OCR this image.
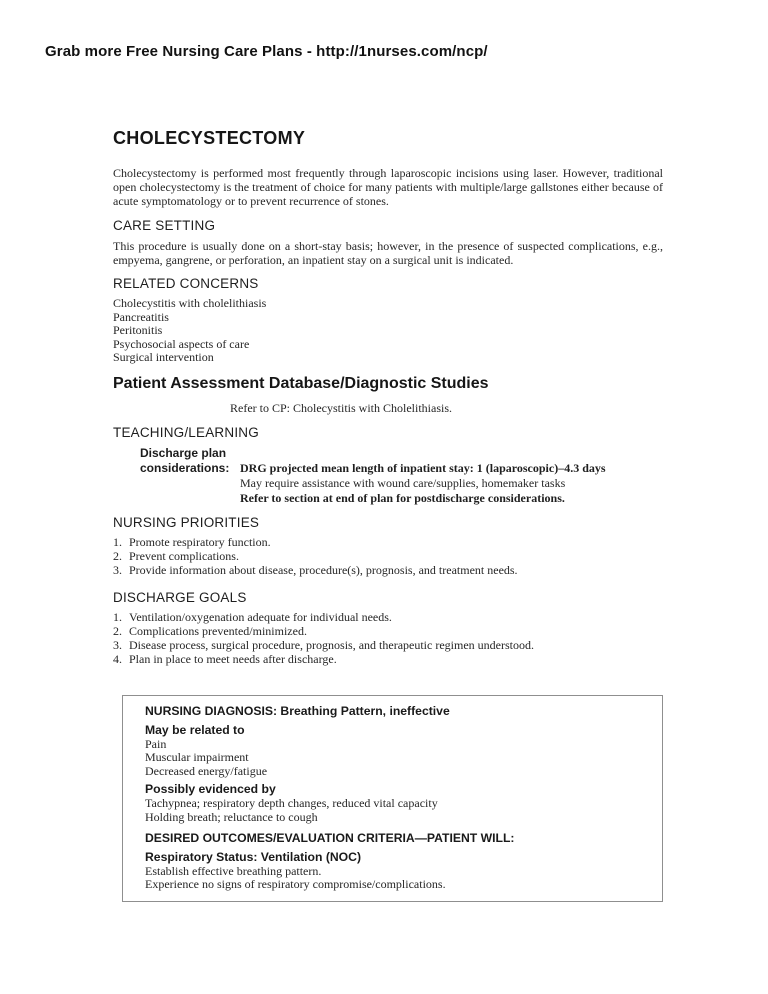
Grab more Free Nursing Care Plans - http://1nurses.com/ncp/
CHOLECYSTECTOMY

Cholecystectomy is performed most frequently through laparoscopic incisions using laser. However, traditional open cholecystectomy is the treatment of choice for many patients with multiple/large gallstones either because of acute symptomatology or to prevent recurrence of stones.

CARE SETTING

This procedure is usually done on a short-stay basis; however, in the presence of suspected complications, e.g., empyema, gangrene, or perforation, an inpatient stay on a surgical unit is indicated.

RELATED CONCERNS
Cholecystitis with cholelithiasis
Pancreatitis
Peritonitis
Psychosocial aspects of care
Surgical intervention
Patient Assessment Database/Diagnostic Studies
Refer to CP: Cholecystitis with Cholelithiasis.
TEACHING/LEARNING
Discharge plan
considerations: DRG projected mean length of inpatient stay: 1 (laparoscopic)–4.3 days
May require assistance with wound care/supplies, homemaker tasks
Refer to section at end of plan for postdischarge considerations.
NURSING PRIORITIES
1. Promote respiratory function.
2. Prevent complications.
3. Provide information about disease, procedure(s), prognosis, and treatment needs.
DISCHARGE GOALS
1. Ventilation/oxygenation adequate for individual needs.
2. Complications prevented/minimized.
3. Disease process, surgical procedure, prognosis, and therapeutic regimen understood.
4. Plan in place to meet needs after discharge.
NURSING DIAGNOSIS: Breathing Pattern, ineffective
May be related to
Pain
Muscular impairment
Decreased energy/fatigue
Possibly evidenced by
Tachypnea; respiratory depth changes, reduced vital capacity
Holding breath; reluctance to cough
DESIRED OUTCOMES/EVALUATION CRITERIA—PATIENT WILL:
Respiratory Status: Ventilation (NOC)
Establish effective breathing pattern.
Experience no signs of respiratory compromise/complications.
